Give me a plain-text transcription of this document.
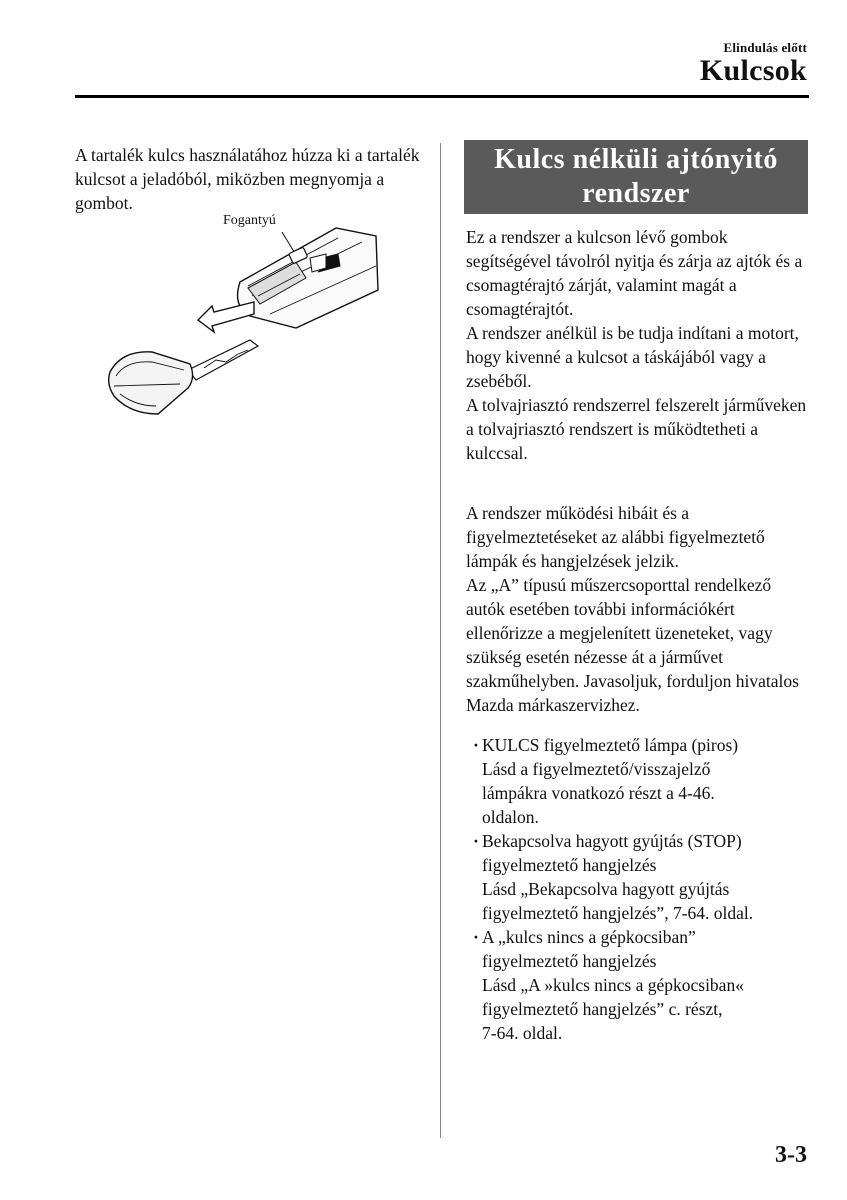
Elindulás előtt
Kulcsok

A tartalék kulcs használatához húzza ki a tartalék kulcsot a jeladóból, miközben megnyomja a gombot.

Fogantyú
Kulcs nélküli ajtónyitó
rendszer

Ez a rendszer a kulcson lévő gombok segítségével távolról nyitja és zárja az ajtók és a csomagtérajtó zárját, valamint magát a csomagtérajtót.

A rendszer anélkül is be tudja indítani a motort, hogy kivenné a kulcsot a táskájából vagy a zsebéből.

A tolvajriasztó rendszerrel felszerelt járműveken a tolvajriasztó rendszert is működtetheti a kulccsal.

A rendszer működési hibáit és a figyelmeztetéseket az alábbi figyelmeztető lámpák és hangjelzések jelzik.

Az „A” típusú műszercsoporttal rendelkező autók esetében további információkért ellenőrizze a megjelenített üzeneteket, vagy szükség esetén nézesse át a járművet szakműhelyben. Javasoljuk, forduljon hivatalos Mazda márkaszervizhez.

· KULCS figyelmeztető lámpa (piros)
Lásd a figyelmeztető/visszajelző
lámpákra vonatkozó részt a 4-46.
oldalon.
· Bekapcsolva hagyott gyújtás (STOP)
figyelmeztető hangjelzés
Lásd „Bekapcsolva hagyott gyújtás
figyelmeztető hangjelzés”, 7-64. oldal.
· A „kulcs nincs a gépkocsiban”
figyelmeztető hangjelzés
Lásd „A »kulcs nincs a gépkocsiban«
figyelmeztető hangjelzés” c. részt,
7-64. oldal.
3-3
